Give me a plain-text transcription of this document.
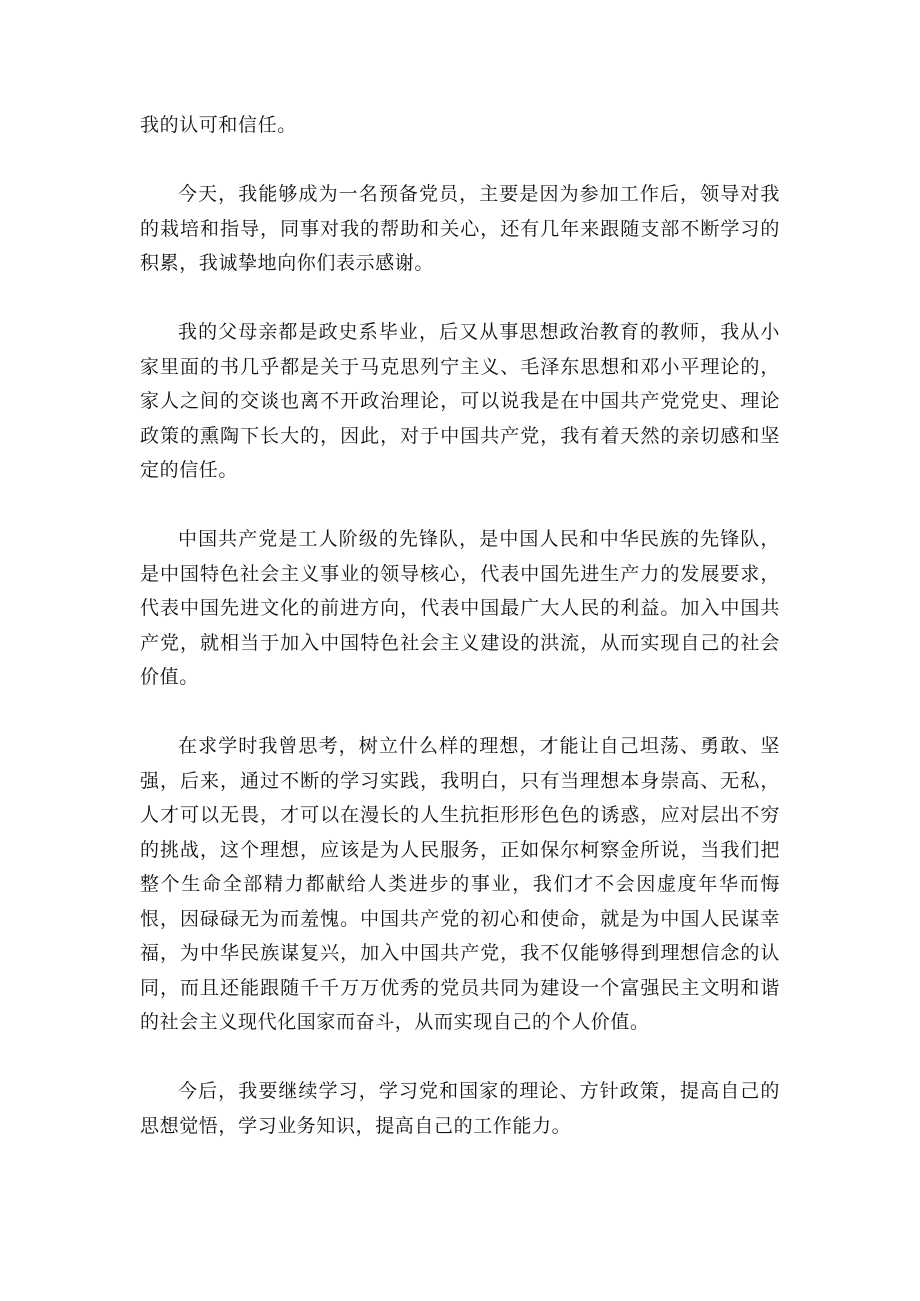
我的认可和信任。

今天，我能够成为一名预备党员，主要是因为参加工作后，领导对我的栽培和指导，同事对我的帮助和关心，还有几年来跟随支部不断学习的积累，我诚挚地向你们表示感谢。

我的父母亲都是政史系毕业，后又从事思想政治教育的教师，我从小家里面的书几乎都是关于马克思列宁主义、毛泽东思想和邓小平理论的，家人之间的交谈也离不开政治理论，可以说我是在中国共产党党史、理论政策的熏陶下长大的，因此，对于中国共产党，我有着天然的亲切感和坚定的信任。

中国共产党是工人阶级的先锋队，是中国人民和中华民族的先锋队，是中国特色社会主义事业的领导核心，代表中国先进生产力的发展要求，代表中国先进文化的前进方向，代表中国最广大人民的利益。加入中国共产党，就相当于加入中国特色社会主义建设的洪流，从而实现自己的社会价值。

在求学时我曾思考，树立什么样的理想，才能让自己坦荡、勇敢、坚强，后来，通过不断的学习实践，我明白，只有当理想本身崇高、无私，人才可以无畏，才可以在漫长的人生抗拒形形色色的诱惑，应对层出不穷的挑战，这个理想，应该是为人民服务，正如保尔柯察金所说，当我们把整个生命全部精力都献给人类进步的事业，我们才不会因虚度年华而悔恨，因碌碌无为而羞愧。中国共产党的初心和使命，就是为中国人民谋幸福，为中华民族谋复兴，加入中国共产党，我不仅能够得到理想信念的认同，而且还能跟随千千万万优秀的党员共同为建设一个富强民主文明和谐的社会主义现代化国家而奋斗，从而实现自己的个人价值。

今后，我要继续学习，学习党和国家的理论、方针政策，提高自己的思想觉悟，学习业务知识，提高自己的工作能力。
